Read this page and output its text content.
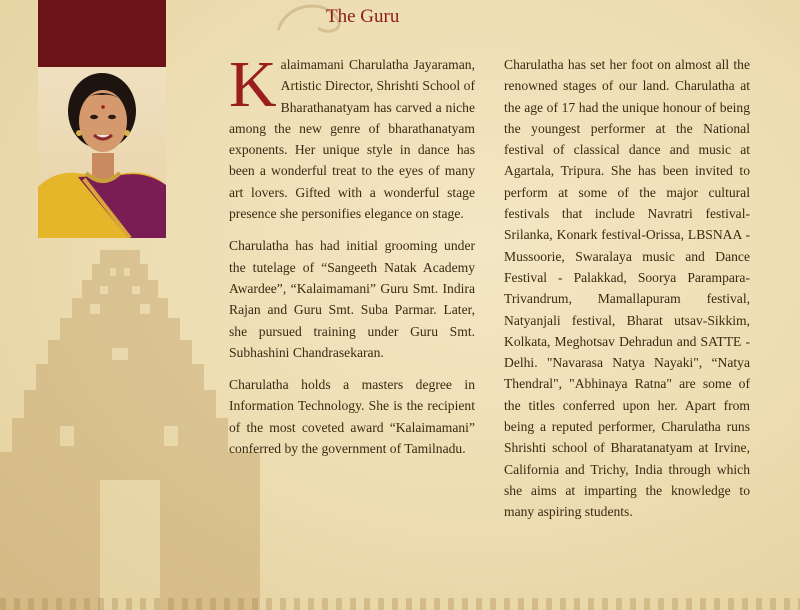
The Guru

Kalaimamani Charulatha Jayaraman, Artistic Director, Shrishti School of Bharathanatyam has carved a niche among the new genre of bharathanatyam exponents. Her unique style in dance has been a wonderful treat to the eyes of many art lovers. Gifted with a wonderful stage presence she personifies elegance on stage.

Charulatha has had initial grooming under the tutelage of “Sangeeth Natak Academy Awardee”, “Kalaimamani” Guru Smt. Indira Rajan and Guru Smt. Suba Parmar. Later, she pursued training under Guru Smt. Subhashini Chandrasekaran.

Charulatha holds a masters degree in Information Technology. She is the recipient of the most coveted award “Kalaimamani” conferred by the government of Tamilnadu.

Charulatha has set her foot on almost all the renowned stages of our land. Charulatha at the age of 17 had the unique honour of being the youngest performer at the National festival of classical dance and music at Agartala, Tripura. She has been invited to perform at some of the major cultural festivals that include Navratri festival-Srilanka, Konark festival-Orissa, LBSNAA - Mussoorie, Swaralaya music and Dance Festival - Palakkad, Soorya Parampara-Trivandrum, Mamallapuram festival, Natyanjali festival, Bharat utsav-Sikkim, Kolkata, Meghotsav Dehradun and SATTE - Delhi. "Navarasa Natya Nayaki", “Natya Thendral", "Abhinaya Ratna" are some of the titles conferred upon her. Apart from being a reputed performer, Charulatha runs Shrishti school of Bharatanatyam at Irvine, California and Trichy, India through which she aims at imparting the knowledge to many aspiring students.
